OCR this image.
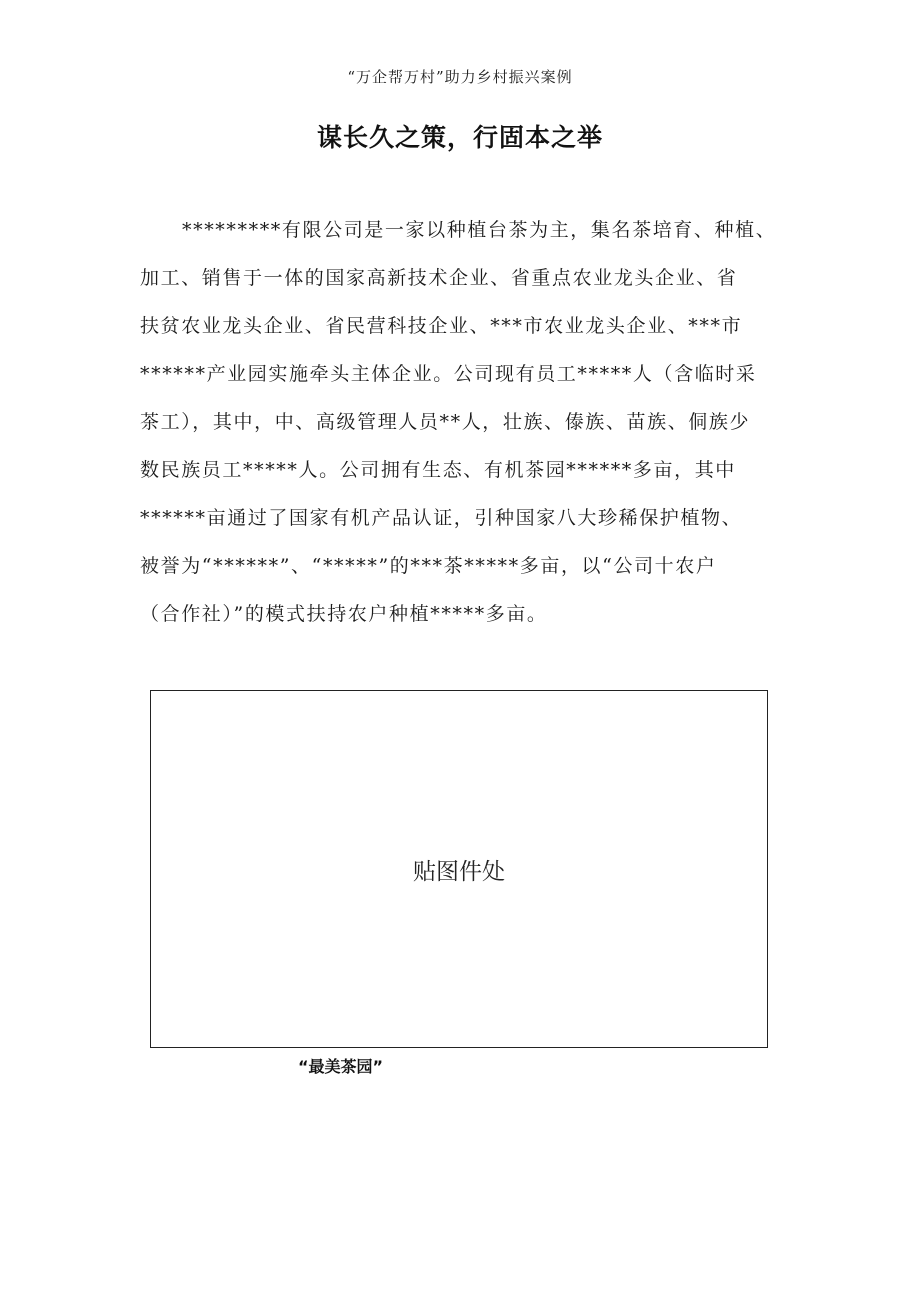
“万企帮万村”助力乡村振兴案例
谋长久之策，行固本之举
*********有限公司是一家以种植台茶为主，集名茶培育、种植、
加工、销售于一体的国家高新技术企业、省重点农业龙头企业、省
扶贫农业龙头企业、省民营科技企业、***市农业龙头企业、***市
******产业园实施牵头主体企业。公司现有员工*****人（含临时采
茶工），其中，中、高级管理人员**人，壮族、傣族、苗族、侗族少
数民族员工*****人。公司拥有生态、有机茶园******多亩，其中
******亩通过了国家有机产品认证，引种国家八大珍稀保护植物、
被誉为“******”、“*****”的***茶*****多亩，以“公司十农户
（合作社）”的模式扶持农户种植*****多亩。
贴图件处
“最美茶园”
